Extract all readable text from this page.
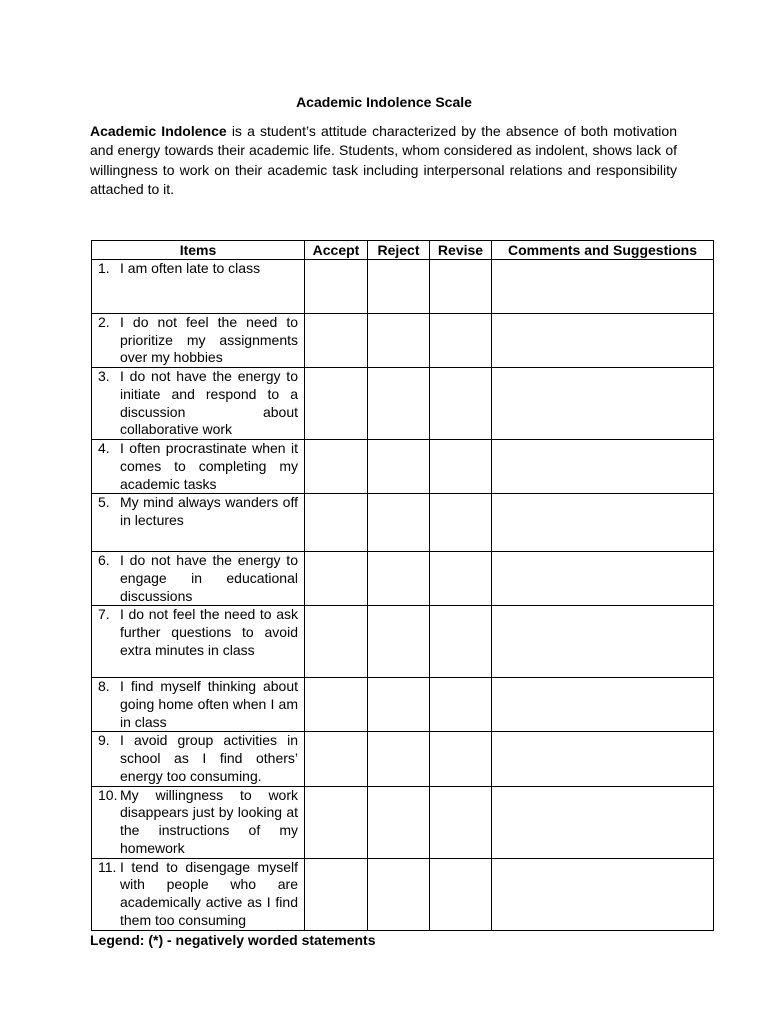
Academic Indolence Scale

Academic Indolence is a student’s attitude characterized by the absence of both motivation and energy towards their academic life. Students, whom considered as indolent, shows lack of willingness to work on their academic task including interpersonal relations and responsibility attached to it.

Items	Accept	Reject	Revise	Comments and Suggestions

1. I am often late to class				

2. I do not feel the need to prioritize my assignments over my hobbies				

3. I do not have the energy to initiate and respond to a discussion about collaborative work				

4. I often procrastinate when it comes to completing my academic tasks				

5. My mind always wanders off in lectures				

6. I do not have the energy to engage in educational discussions				

7. I do not feel the need to ask further questions to avoid extra minutes in class				

8. I find myself thinking about going home often when I am in class				

9. I avoid group activities in school as I find others’ energy too consuming.				

10. My willingness to work disappears just by looking at the instructions of my homework				

11. I tend to disengage myself with people who are academically active as I find them too consuming				

Legend: (*) - negatively worded statements
